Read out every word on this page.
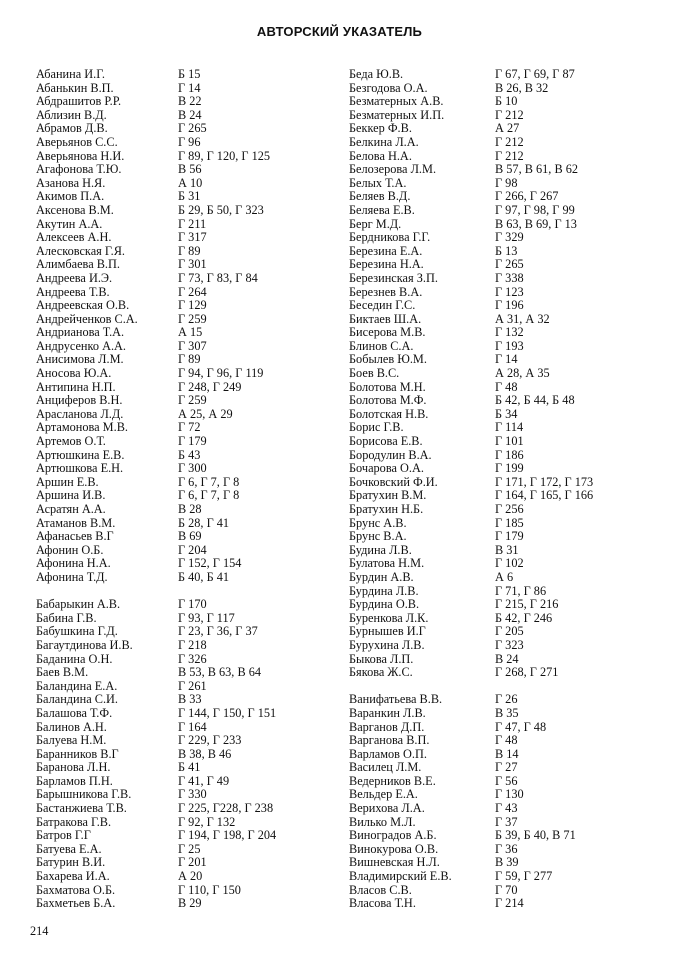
АВТОРСКИЙ УКАЗАТЕЛЬ
Абанина И.Г.	Б 15
Абанькин В.П.	Г 14
Абдрашитов Р.Р.	В 22
Аблизин В.Д.	В 24
Абрамов Д.В.	Г 265
Аверьянов С.С.	Г 96
Аверьянова Н.И.	Г 89, Г 120, Г 125
Агафонова Т.Ю.	В 56
Азанова Н.Я.	А 10
Акимов П.А.	Б 31
Аксенова В.М.	Б 29, Б 50, Г 323
Акутин А.А.	Г 211
Алексеев А.Н.	Г 317
Алесковская Г.Я.	Г 89
Алимбаева В.П.	Г 301
Андреева И.Э.	Г 73, Г 83, Г 84
Андреева Т.В.	Г 264
Андреевская О.В.	Г 129
Андрейченков С.А.	Г 259
Андрианова Т.А.	А 15
Андрусенко А.А.	Г 307
Анисимова Л.М.	Г 89
Аносова Ю.А.	Г 94, Г 96, Г 119
Антипина Н.П.	Г 248, Г 249
Анциферов В.Н.	Г 259
Арасланова Л.Д.	А 25, А 29
Артамонова М.В.	Г 72
Артемов О.Т.	Г 179
Артюшкина Е.В.	Б 43
Артюшкова Е.Н.	Г 300
Аршин Е.В.	Г 6, Г 7, Г 8
Аршина И.В.	Г 6, Г 7, Г 8
Асратян А.А.	В 28
Атаманов В.М.	Б 28, Г 41
Афанасьев В.Г	В 69
Афонин О.Б.	Г 204
Афонина Н.А.	Г 152, Г 154
Афонина Т.Д.	Б 40, Б 41
Бабарыкин А.В.	Г 170
Бабина Г.В.	Г 93, Г 117
Бабушкина Г.Д.	Г 23, Г 36, Г 37
Багаутдинова И.В.	Г 218
Баданина О.Н.	Г 326
Баев В.М.	В 53, В 63, В 64
Баландина Е.А.	Г 261
Баландина С.И.	В 33
Балашова Т.Ф.	Г 144, Г 150, Г 151
Балинов А.Н.	Г 164
Балуева Н.М.	Г 229, Г 233
Баранников В.Г	В 38, В 46
Баранова Л.Н.	Б 41
Барламов П.Н.	Г 41, Г 49
Барышникова Г.В.	Г 330
Бастанжиева Т.В.	Г 225, Г228, Г 238
Батракова Г.В.	Г 92, Г 132
Батров Г.Г	Г 194, Г 198, Г 204
Батуева Е.А.	Г 25
Батурин В.И.	Г 201
Бахарева И.А.	А 20
Бахматова О.Б.	Г 110, Г 150
Бахметьев Б.А.	В 29
Беда Ю.В.	Г 67, Г 69, Г 87
Безгодова О.А.	В 26, В 32
Безматерных А.В.	Б 10
Безматерных И.П.	Г 212
Беккер Ф.В.	А 27
Белкина Л.А.	Г 212
Белова Н.А.	Г 212
Белозерова Л.М.	В 57, В 61, В 62
Белых Т.А.	Г 98
Беляев В.Д.	Г 266, Г 267
Беляева Е.В.	Г 97, Г 98, Г 99
Берг М.Д.	В 63, В 69, Г 13
Бердникова Г.Г.	Г 329
Березина Е.А.	Б 13
Березина Н.А.	Г 265
Березинская З.П.	Г 338
Березнев В.А.	Г 123
Беседин Г.С.	Г 196
Биктаев Ш.А.	А 31, А 32
Бисерова М.В.	Г 132
Блинов С.А.	Г 193
Бобылев Ю.М.	Г 14
Боев В.С.	А 28, А 35
Болотова М.Н.	Г 48
Болотова М.Ф.	Б 42, Б 44, Б 48
Болотская Н.В.	Б 34
Борис Г.В.	Г 114
Борисова Е.В.	Г 101
Бородулин В.А.	Г 186
Бочарова О.А.	Г 199
Бочковский Ф.И.	Г 171, Г 172, Г 173
Братухин В.М.	Г 164, Г 165, Г 166
Братухин Н.Б.	Г 256
Брунс А.В.	Г 185
Брунс В.А.	Г 179
Будина Л.В.	В 31
Булатова Н.М.	Г 102
Бурдин А.В.	А 6
Бурдина Л.В.	Г 71, Г 86
Бурдина О.В.	Г 215, Г 216
Буренкова Л.К.	Б 42, Г 246
Бурнышев И.Г	Г 205
Бурухина Л.В.	Г 323
Быкова Л.П.	В 24
Бякова Ж.С.	Г 268, Г 271
Ванифатьева В.В.	Г 26
Варанкин Л.В.	В 35
Варганов Д.П.	Г 47, Г 48
Варганова В.П.	Г 48
Варламов О.П.	В 14
Василец Л.М.	Г 27
Ведерников В.Е.	Г 56
Вельдер Е.А.	Г 130
Верихова Л.А.	Г 43
Вилько М.Л.	Г 37
Виноградов А.Б.	Б 39, Б 40, В 71
Винокурова О.В.	Г 36
Вишневская Н.Л.	В 39
Владимирский Е.В.	Г 59, Г 277
Власов С.В.	Г 70
Власова Т.Н.	Г 214
214
